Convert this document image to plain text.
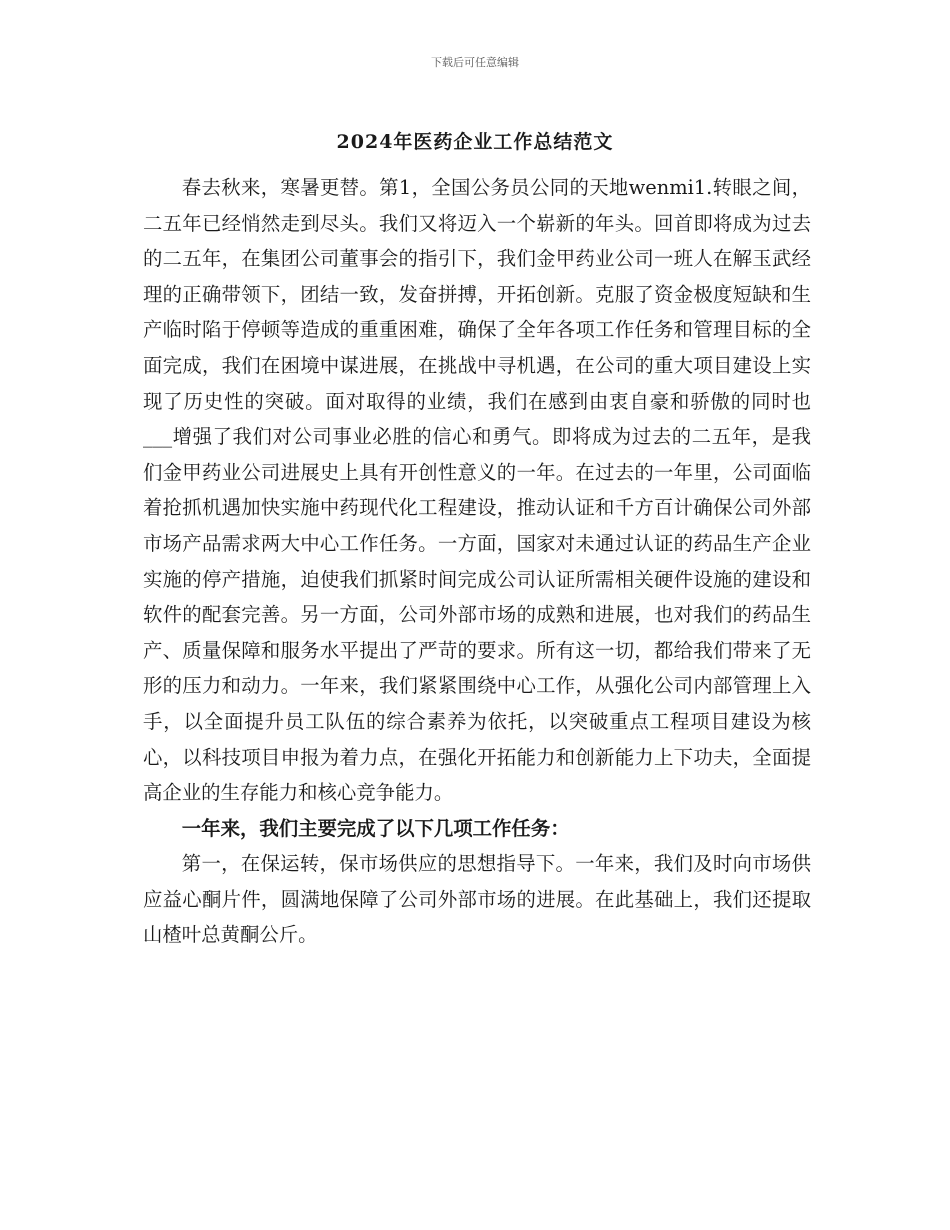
下载后可任意编辑
2024年医药企业工作总结范文

春去秋来，寒暑更替。第1，全国公务员公同的天地wenmi1.转眼之间，二五年已经悄然走到尽头。我们又将迈入一个崭新的年头。回首即将成为过去的二五年，在集团公司董事会的指引下，我们金甲药业公司一班人在解玉武经理的正确带领下，团结一致，发奋拼搏，开拓创新。克服了资金极度短缺和生产临时陷于停顿等造成的重重困难，确保了全年各项工作任务和管理目标的全面完成，我们在困境中谋进展，在挑战中寻机遇，在公司的重大项目建设上实现了历史性的突破。面对取得的业绩，我们在感到由衷自豪和骄傲的同时也___增强了我们对公司事业必胜的信心和勇气。即将成为过去的二五年，是我们金甲药业公司进展史上具有开创性意义的一年。在过去的一年里，公司面临着抢抓机遇加快实施中药现代化工程建设，推动认证和千方百计确保公司外部市场产品需求两大中心工作任务。一方面，国家对未通过认证的药品生产企业实施的停产措施，迫使我们抓紧时间完成公司认证所需相关硬件设施的建设和软件的配套完善。另一方面，公司外部市场的成熟和进展，也对我们的药品生产、质量保障和服务水平提出了严苛的要求。所有这一切，都给我们带来了无形的压力和动力。一年来，我们紧紧围绕中心工作，从强化公司内部管理上入手，以全面提升员工队伍的综合素养为依托，以突破重点工程项目建设为核心，以科技项目申报为着力点，在强化开拓能力和创新能力上下功夫，全面提高企业的生存能力和核心竞争能力。

一年来，我们主要完成了以下几项工作任务：

第一，在保运转，保市场供应的思想指导下。一年来，我们及时向市场供应益心酮片件，圆满地保障了公司外部市场的进展。在此基础上，我们还提取山楂叶总黄酮公斤。
